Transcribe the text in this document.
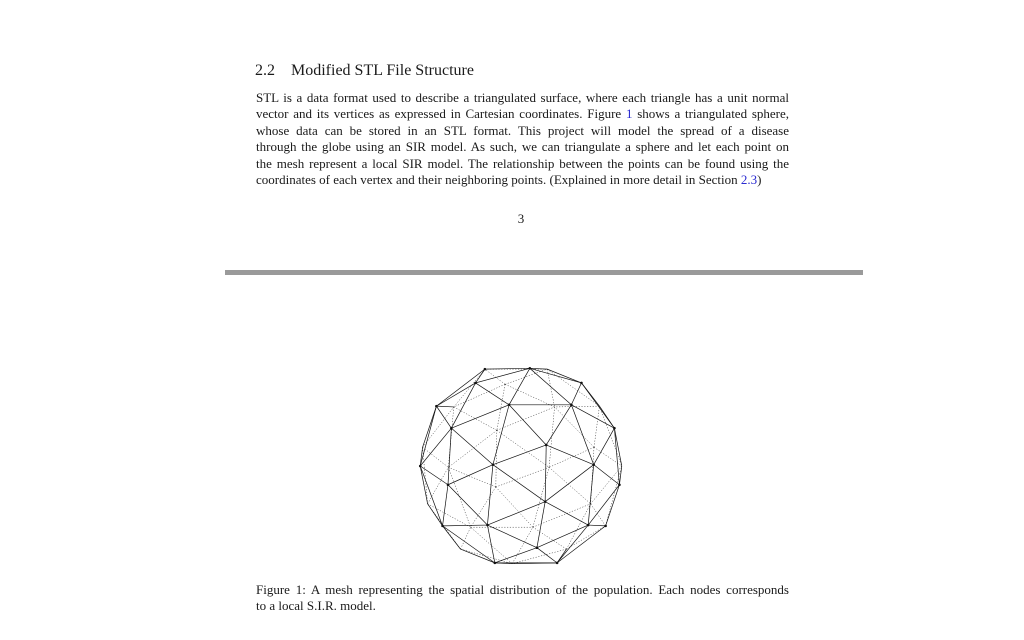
2.2 Modified STL File Structure
STL is a data format used to describe a triangulated surface, where each triangle has a unit normal
vector and its vertices as expressed in Cartesian coordinates. Figure 1 shows a triangulated sphere,
whose data can be stored in an STL format. This project will model the spread of a disease
through the globe using an SIR model. As such, we can triangulate a sphere and let each point on
the mesh represent a local SIR model. The relationship between the points can be found using the
coordinates of each vertex and their neighboring points. (Explained in more detail in Section 2.3)
3
Figure 1: A mesh representing the spatial distribution of the population. Each nodes corresponds
to a local S.I.R. model.
